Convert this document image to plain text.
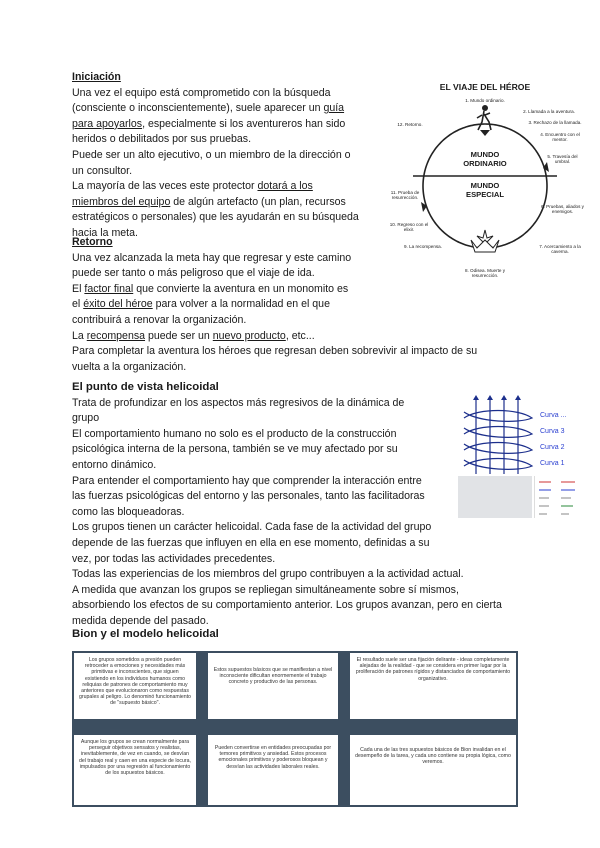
Iniciación
Una vez el equipo está comprometido con la búsqueda
(consciente o inconscientemente), suele aparecer un guía
para apoyarlos, especialmente si los aventureros han sido
heridos o debilitados por sus pruebas.
Puede ser un alto ejecutivo, o un miembro de la dirección o
un consultor.
La mayoría de las veces este protector dotará a los
miembros del equipo de algún artefacto (un plan, recursos
estratégicos o personales) que les ayudarán en su búsqueda
hacia la meta.
Retorno
Una vez alcanzada la meta hay que regresar y este camino
puede ser tanto o más peligroso que el viaje de ida.
El factor final que convierte la aventura en un monomito es
el éxito del héroe para volver a la normalidad en el que
contribuirá a renovar la organización.
La recompensa puede ser un nuevo producto, etc...
Para completar la aventura los héroes que regresan deben sobrevivir al impacto de su
vuelta a la organización.
EL VIAJE DEL HÉROE
MUNDO
ORDINARIO
MUNDO
ESPECIAL
1. Mundo ordinario.
2. Llamada a la aventura.
3. Rechazo de la llamada.
4. Encuentro con el mentor.
5. Travesía del umbral.
6. Pruebas, aliados y enemigos.
7. Acercamiento a la caverna.
8. Odisea. Muerte y resurrección.
9. La recompensa.
10. Regreso con el elixir.
11. Prueba de resurrección.
12. Retorno.
El punto de vista helicoidal
Trata de profundizar en los aspectos más regresivos de la dinámica de
grupo
El comportamiento humano no solo es el producto de la construcción
psicológica interna de la persona, también se ve muy afectado por su
entorno dinámico.
Para entender el comportamiento hay que comprender la interacción entre
las fuerzas psicológicas del entorno y las personales, tanto las facilitadoras
como las bloqueadoras.
Los grupos tienen un carácter helicoidal. Cada fase de la actividad del grupo
depende de las fuerzas que influyen en ella en ese momento, definidas a su
vez, por todas las actividades precedentes.
Todas las experiencias de los miembros del grupo contribuyen a la actividad actual.
A medida que avanzan los grupos se repliegan simultáneamente sobre sí mismos,
absorbiendo los efectos de su comportamiento anterior. Los grupos avanzan, pero en cierta
medida depende del pasado.
Curva ...
Curva 3
Curva 2
Curva 1
Bion y el modelo helicoidal
Los grupos sometidos a presión pueden retroceder a emociones y necesidades más primitivas e inconscientes, que siguen existiendo en los individuos humanos como reliquias de patrones de comportamiento muy anteriores que evolucionaron como respuestas grupales al peligro. Lo denominó funcionamiento de "supuesto básico".
Estos supuestos básicos que se manifiestan a nivel inconsciente dificultan enormemente el trabajo concreto y productivo de las personas.
El resultado suele ser una fijación delirante - ideas completamente alejadas de la realidad - que se considera en primer lugar por la proliferación de patrones rígidos y distanciados de comportamiento organizativo.
Aunque los grupos se crean normalmente para perseguir objetivos sensatos y realistas, inevitablemente, de vez en cuando, se desvían del trabajo real y caen en una especie de locura, impulsados por una regresión al funcionamiento de los supuestos básicos.
Pueden convertirse en entidades preocupadas por temores primitivos y ansiedad. Estos procesos emocionales primitivos y poderosos bloquean y desvían las actividades laborales reales.
Cada una de las tres supuestos básicos de Bion invalidan en el desempeño de la tarea, y cada uno contiene su propia lógica, como veremos.
